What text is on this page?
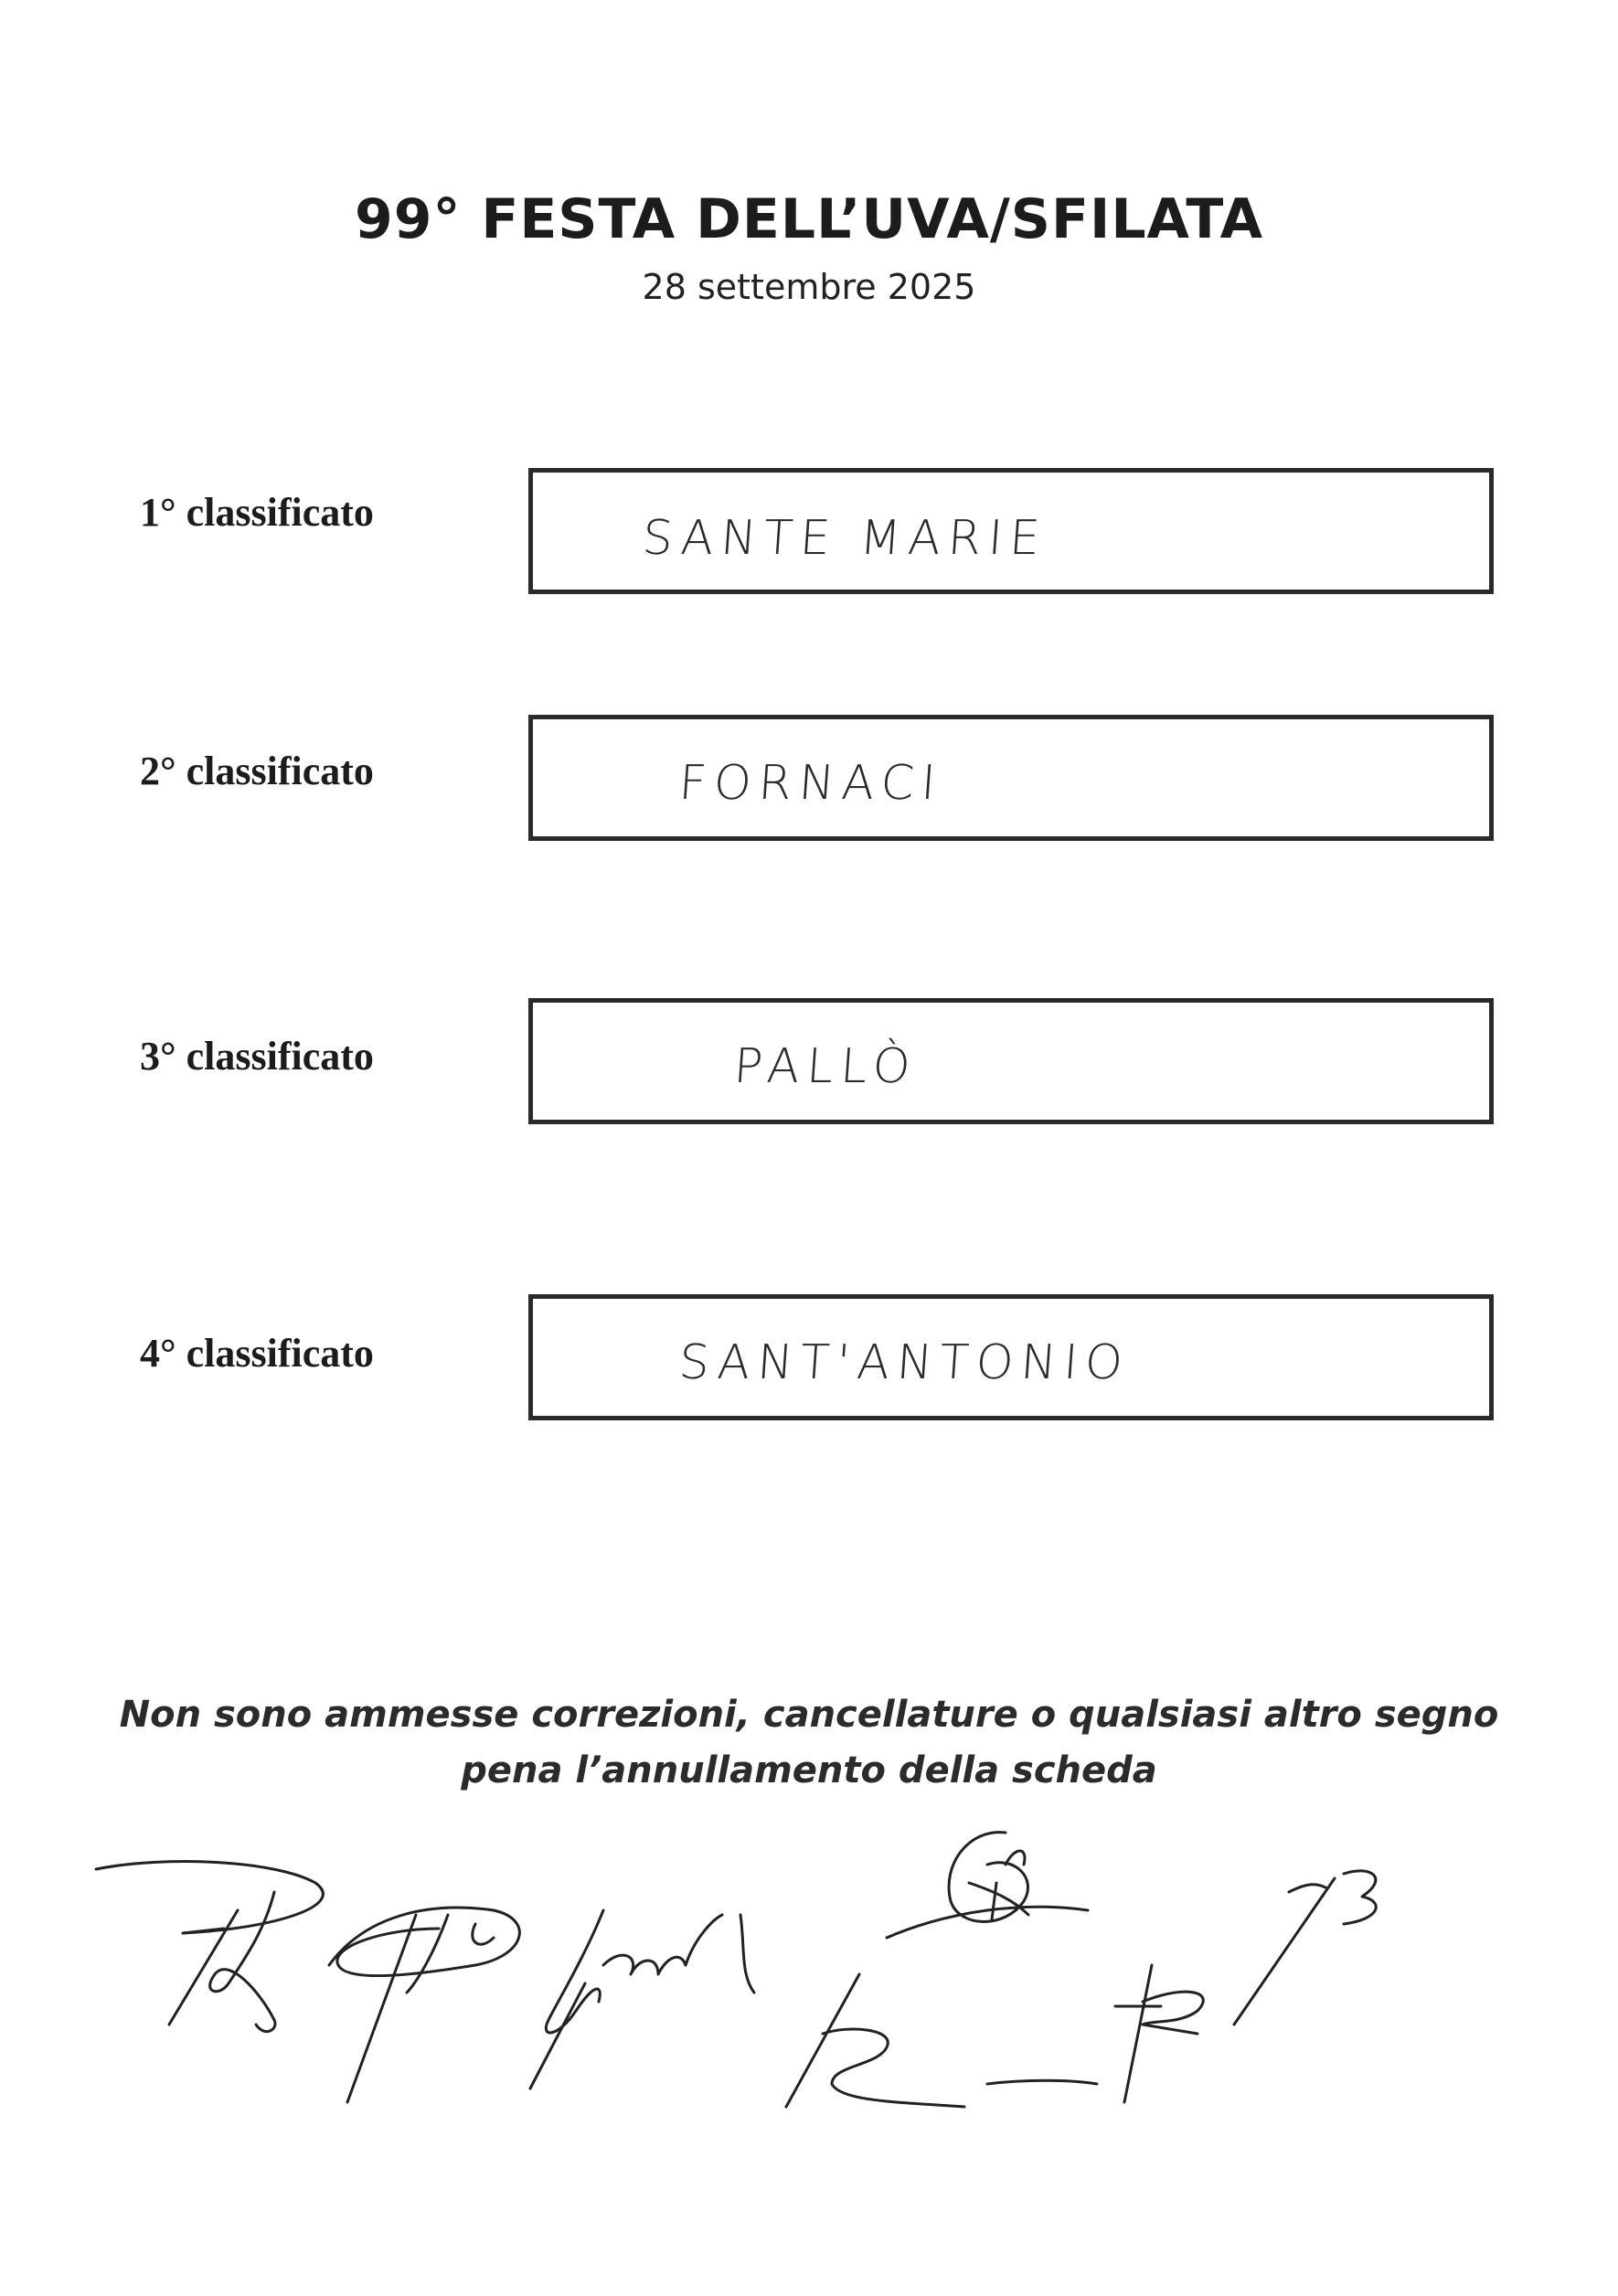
99° FESTA DELL’UVA/SFILATA
28 settembre 2025
1° classificato	SANTE MARIE
2° classificato	FORNACI
3° classificato	PALLÒ
4° classificato	SANT'ANTONIO
Non sono ammesse correzioni, cancellature o qualsiasi altro segno
pena l’annullamento della scheda
